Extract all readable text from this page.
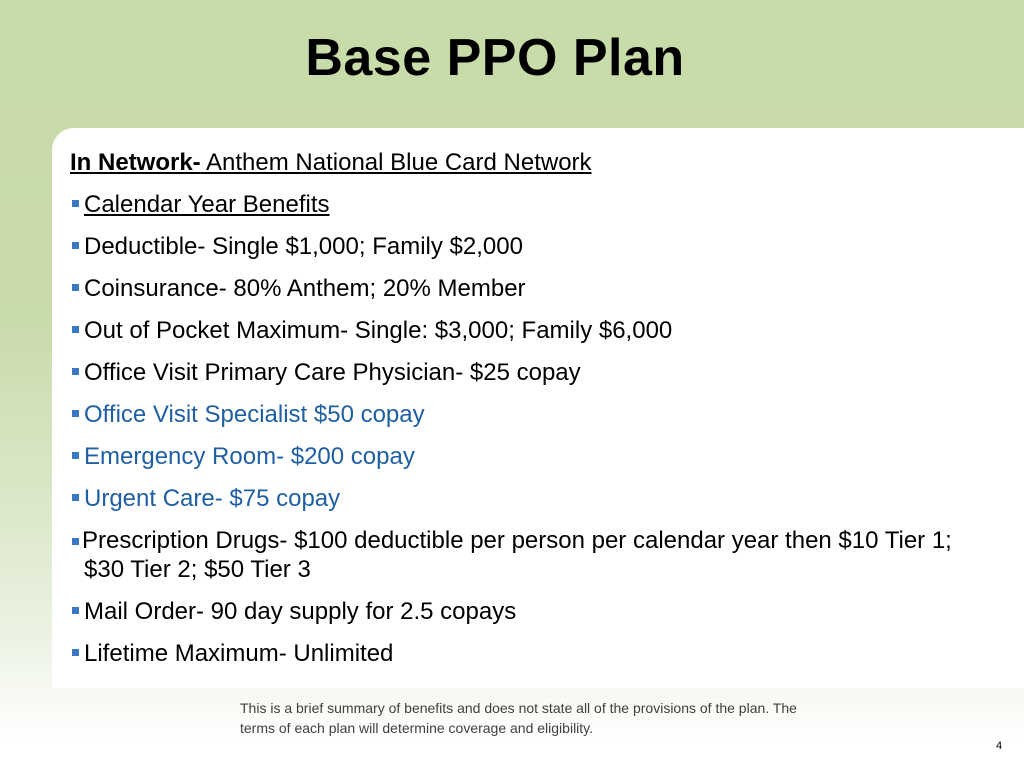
Base PPO Plan
In Network- Anthem National Blue Card Network
Calendar Year Benefits
Deductible- Single $1,000; Family $2,000
Coinsurance- 80% Anthem; 20% Member
Out of Pocket Maximum- Single: $3,000; Family $6,000
Office Visit Primary Care Physician- $25 copay
Office Visit Specialist $50 copay
Emergency Room- $200 copay
Urgent Care- $75 copay
Prescription Drugs- $100 deductible per person per calendar year then $10 Tier 1; $30 Tier 2; $50 Tier 3
Mail Order- 90 day supply for 2.5 copays
Lifetime Maximum- Unlimited
This is a brief summary of benefits and does not state all of the provisions of the plan. The terms of each plan will determine coverage and eligibility.
4
